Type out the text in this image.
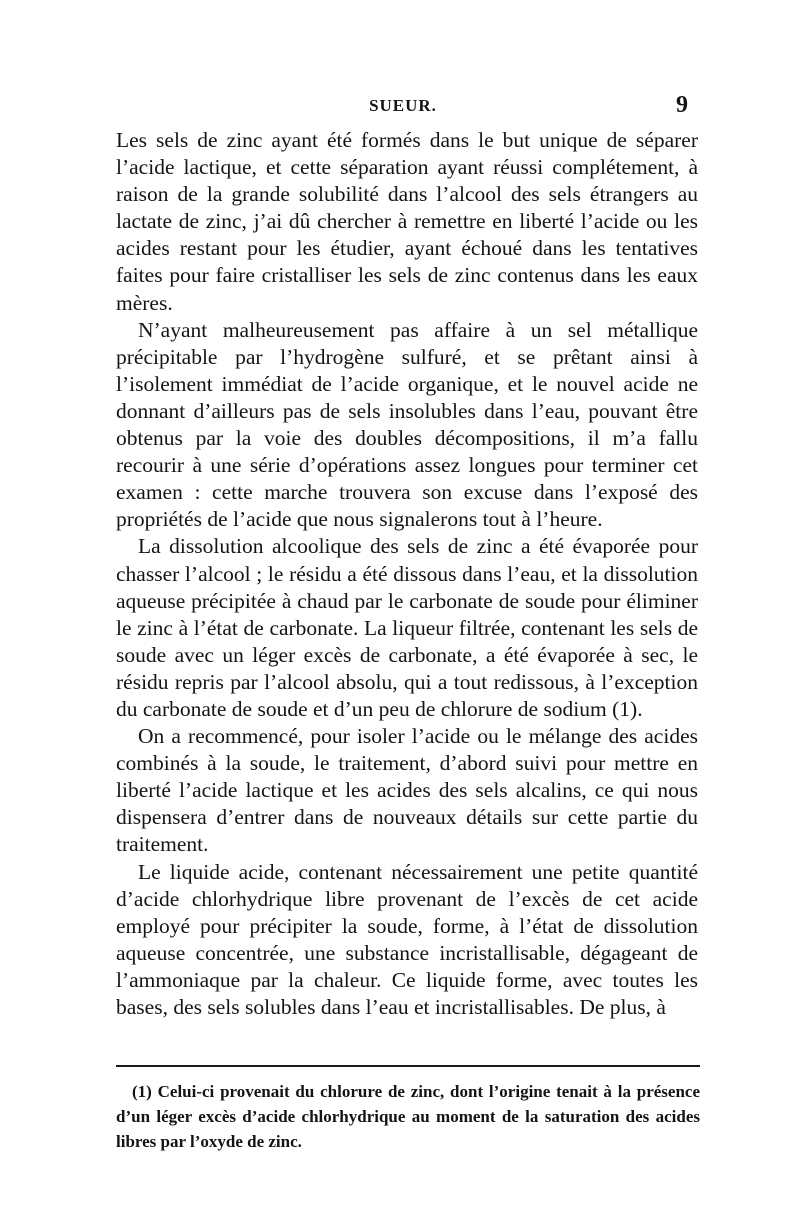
SUEUR.	9

Les sels de zinc ayant été formés dans le but unique de séparer l’acide lactique, et cette séparation ayant réussi complétement, à raison de la grande solubilité dans l’alcool des sels étrangers au lactate de zinc, j’ai dû chercher à remettre en liberté l’acide ou les acides restant pour les étudier, ayant échoué dans les tentatives faites pour faire cristalliser les sels de zinc contenus dans les eaux mères.

N’ayant malheureusement pas affaire à un sel métallique précipitable par l’hydrogène sulfuré, et se prêtant ainsi à l’isolement immédiat de l’acide organique, et le nouvel acide ne donnant d’ailleurs pas de sels insolubles dans l’eau, pouvant être obtenus par la voie des doubles décompositions, il m’a fallu recourir à une série d’opérations assez longues pour terminer cet examen : cette marche trouvera son excuse dans l’exposé des propriétés de l’acide que nous signalerons tout à l’heure.

La dissolution alcoolique des sels de zinc a été évaporée pour chasser l’alcool ; le résidu a été dissous dans l’eau, et la dissolution aqueuse précipitée à chaud par le carbonate de soude pour éliminer le zinc à l’état de carbonate. La liqueur filtrée, contenant les sels de soude avec un léger excès de carbonate, a été évaporée à sec, le résidu repris par l’alcool absolu, qui a tout redissous, à l’exception du carbonate de soude et d’un peu de chlorure de sodium (1).

On a recommencé, pour isoler l’acide ou le mélange des acides combinés à la soude, le traitement, d’abord suivi pour mettre en liberté l’acide lactique et les acides des sels alcalins, ce qui nous dispensera d’entrer dans de nouveaux détails sur cette partie du traitement.

Le liquide acide, contenant nécessairement une petite quantité d’acide chlorhydrique libre provenant de l’excès de cet acide employé pour précipiter la soude, forme, à l’état de dissolution aqueuse concentrée, une substance incristallisable, dégageant de l’ammoniaque par la chaleur. Ce liquide forme, avec toutes les bases, des sels solubles dans l’eau et incristallisables. De plus, à

(1) Celui-ci provenait du chlorure de zinc, dont l’origine tenait à la présence d’un léger excès d’acide chlorhydrique au moment de la saturation des acides libres par l’oxyde de zinc.
